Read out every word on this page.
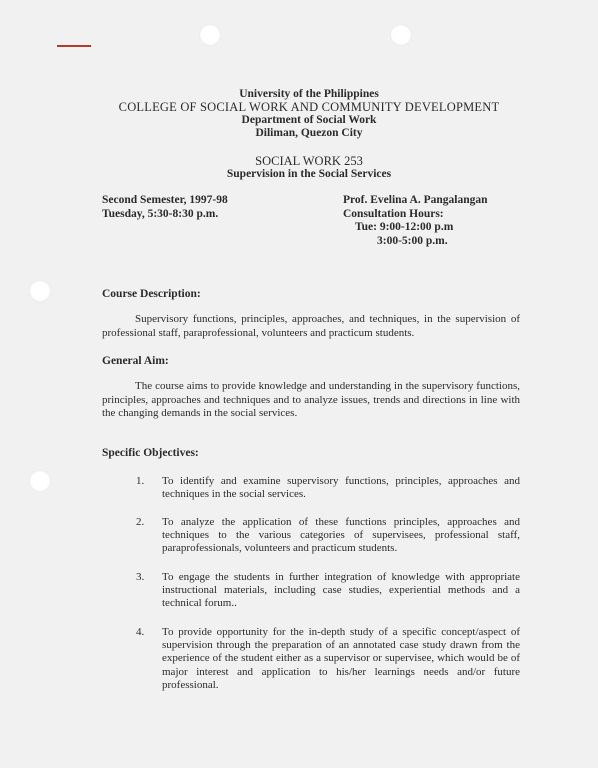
University of the Philippines
COLLEGE OF SOCIAL WORK AND COMMUNITY DEVELOPMENT
Department of Social Work
Diliman, Quezon City
SOCIAL WORK 253
Supervision in the Social Services
Second Semester, 1997-98
Tuesday, 5:30-8:30 p.m.
Prof. Evelina A. Pangalangan
Consultation Hours:
Tue: 9:00-12:00 p.m
3:00-5:00 p.m.
Course Description:

Supervisory functions, principles, approaches, and techniques, in the supervision of professional staff, paraprofessional, volunteers and practicum students.

General Aim:

The course aims to provide knowledge and understanding in the supervisory functions, principles, approaches and techniques and to analyze issues, trends and directions in line with the changing demands in the social services.

Specific Objectives:
1. To identify and examine supervisory functions, principles, approaches and techniques in the social services.
2. To analyze the application of these functions principles, approaches and techniques to the various categories of supervisees, professional staff, paraprofessionals, volunteers and practicum students.
3. To engage the students in further integration of knowledge with appropriate instructional materials, including case studies, experiential methods and a technical forum..
4. To provide opportunity for the in-depth study of a specific concept/aspect of supervision through the preparation of an annotated case study drawn from the experience of the student either as a supervisor or supervisee, which would be of major interest and application to his/her learnings needs and/or future professional.
